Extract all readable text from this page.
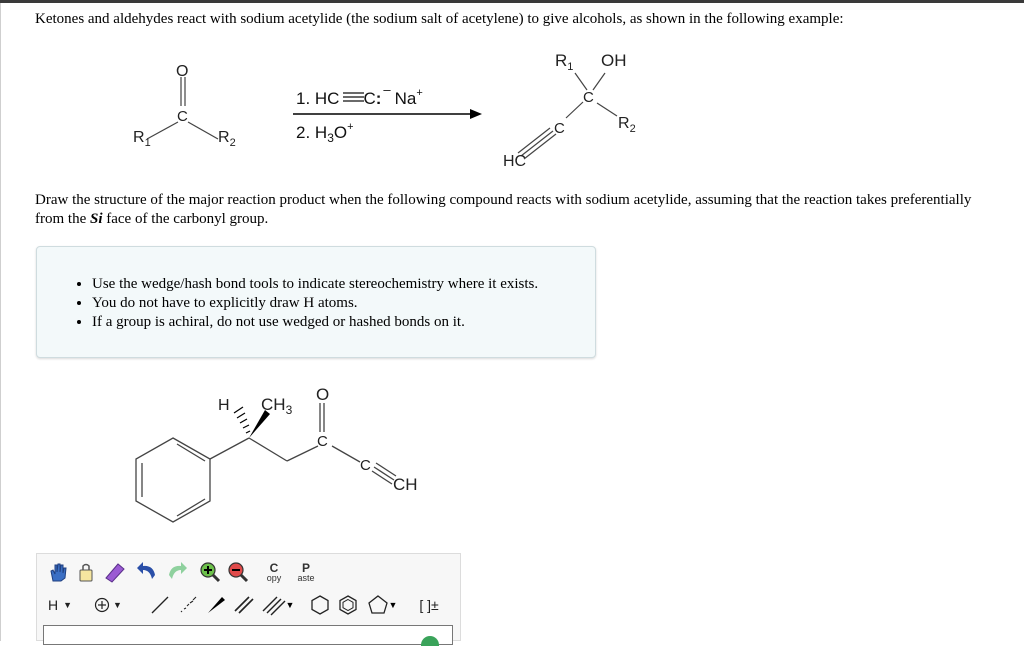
Ketones and aldehydes react with sodium acetylide (the sodium salt of acetylene) to give alcohols, as shown in the following example:
O
C
$R_1$	$R_2$
1. HC C: – Na+
2. $H_3O^+$
$R_1$ OH
C
$R_2$
C
HC
Draw the structure of the major reaction product when the following compound reacts with sodium acetylide, assuming that the reaction takes preferentially from the Si face of the carbonyl group.
• Use the wedge/hash bond tools to indicate stereochemistry where it exists.
• You do not have to explicitly draw H atoms.
• If a group is achiral, do not use wedged or hashed bonds on it.
H $CH_3$
O
C
C
CH
C
opy
P
aste
H ▼	▼	▼	▼ [ ]±
